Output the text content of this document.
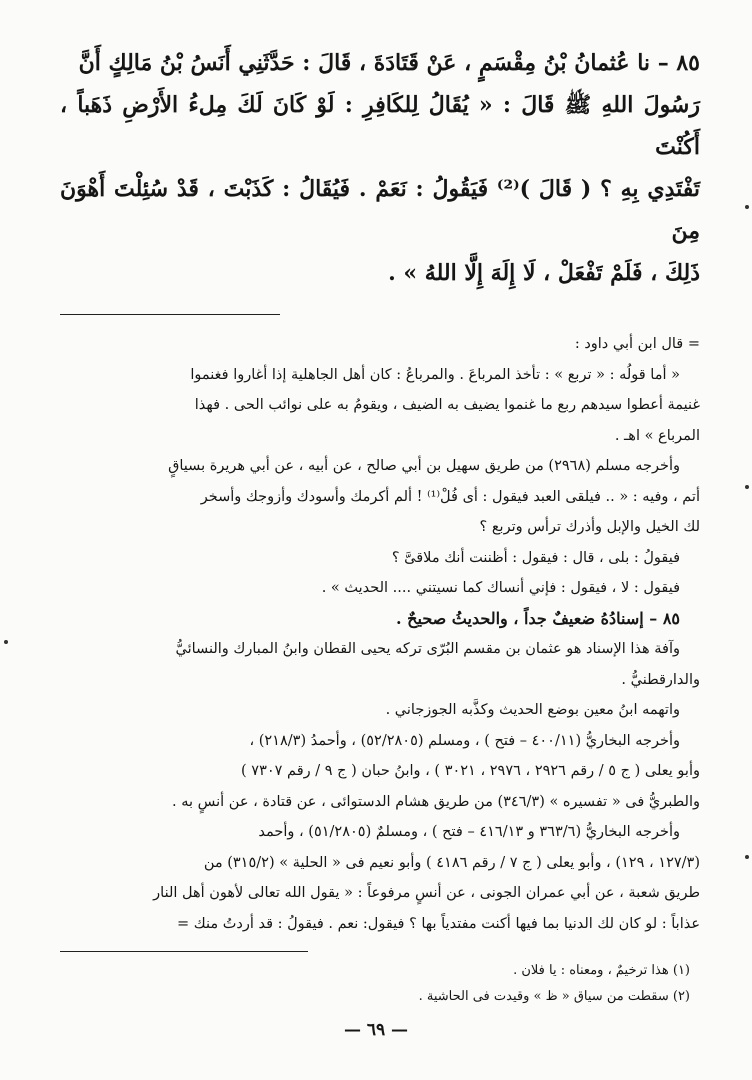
٨٥ – نا عُثمانُ بْنُ مِقْسَمٍ ، عَنْ قَتَادَةَ ، قَالَ : حَدَّثَنِي أَنَسُ بْنُ مَالِكٍ أَنَّ

رَسُولَ اللهِ ﷺ قَالَ : « يُقَالُ لِلكَافِرِ : لَوْ كَانَ لَكَ مِلءُ الأَرْضِ ذَهَباً ، أَكُنْتَ

تَفْتَدِي بِهِ ؟ ( قَالَ )⁽²⁾ فَيَقُولُ : نَعَمْ . فَيُقَالُ : كَذَبْتَ ، قَدْ سُئِلْتَ أَهْوَنَ مِنَ

ذَلِكَ ، فَلَمْ تَفْعَلْ ، لَا إِلَهَ إِلَّا اللهُ » .

= قال ابن أبي داود :

« أما قولُه : « تربع » : تأخذ المرباعَ . والمرباعُ : كان أهل الجاهلية إذا أغاروا فغنموا

غنيمة أعطوا سيدهم ربع ما غنموا يضيف به الضيف ، ويقومُ به على نوائب الحى . فهذا

المرباع » اهـ .

وأخرجه مسلم (٢٩٦٨) من طريق سهيل بن أبي صالح ، عن أبيه ، عن أبي هريرة بسياقٍ

أتم ، وفيه : « .. فيلقى العبد فيقول : أى فُلْ⁽¹⁾ ! ألم أكرمك وأسودك وأزوجك وأسخر

لك الخيل والإبل وأذرك ترأس وتربع ؟

فيقولُ : بلى ، قال : فيقول : أظننت أنك ملاقىَّ ؟

فيقول : لا ، فيقول : فإني أنساك كما نسيتني .... الحديث » .

٨٥ – إسنادُهُ ضعيفٌ جداً ، والحديثُ صحيحٌ .

وآفة هذا الإسناد هو عثمان بن مقسم البُرّى تركه يحيى القطان وابنُ المبارك والنسائيُّ

والدارقطنيُّ .

واتهمه ابنُ معين بوضع الحديث وكذَّبه الجوزجاني .

وأخرجه البخاريُّ (٤٠٠/١١ – فتح ) ، ومسلم (٥٢/٢٨٠٥) ، وأحمدُ (٢١٨/٣) ،

وأبو يعلى ( ج ٥ / رقم ٢٩٢٦ ، ٢٩٧٦ ، ٣٠٢١ ) ، وابنُ حبان ( ج ٩ / رقم ٧٣٠٧ )

والطبريُّ فى « تفسيره » (٣٤٦/٣) من طريق هشام الدستوائى ، عن قتادة ، عن أنسٍ به .

وأخرجه البخاريُّ (٣٦٣/٦ و ٤١٦/١٣ – فتح ) ، ومسلمٌ (٥١/٢٨٠٥) ، وأحمد

(١٢٧/٣ ، ١٢٩) ، وأبو يعلى ( ج ٧ / رقم ٤١٨٦ ) وأبو نعيم فى « الحلية » (٣١٥/٢) من

طريق شعبة ، عن أبي عمران الجونى ، عن أنسٍ مرفوعاً : « يقول الله تعالى لأهون أهل النار

عذاباً : لو كان لك الدنيا بما فيها أكنت مفتدياً بها ؟ فيقول: نعم . فيقولُ : قد أردتُ منك =

(١) هذا ترخيمٌ ، ومعناه : يا فلان .

(٢) سقطت من سياق « ظ » وقيدت فى الحاشية .

— ٦٩ —
